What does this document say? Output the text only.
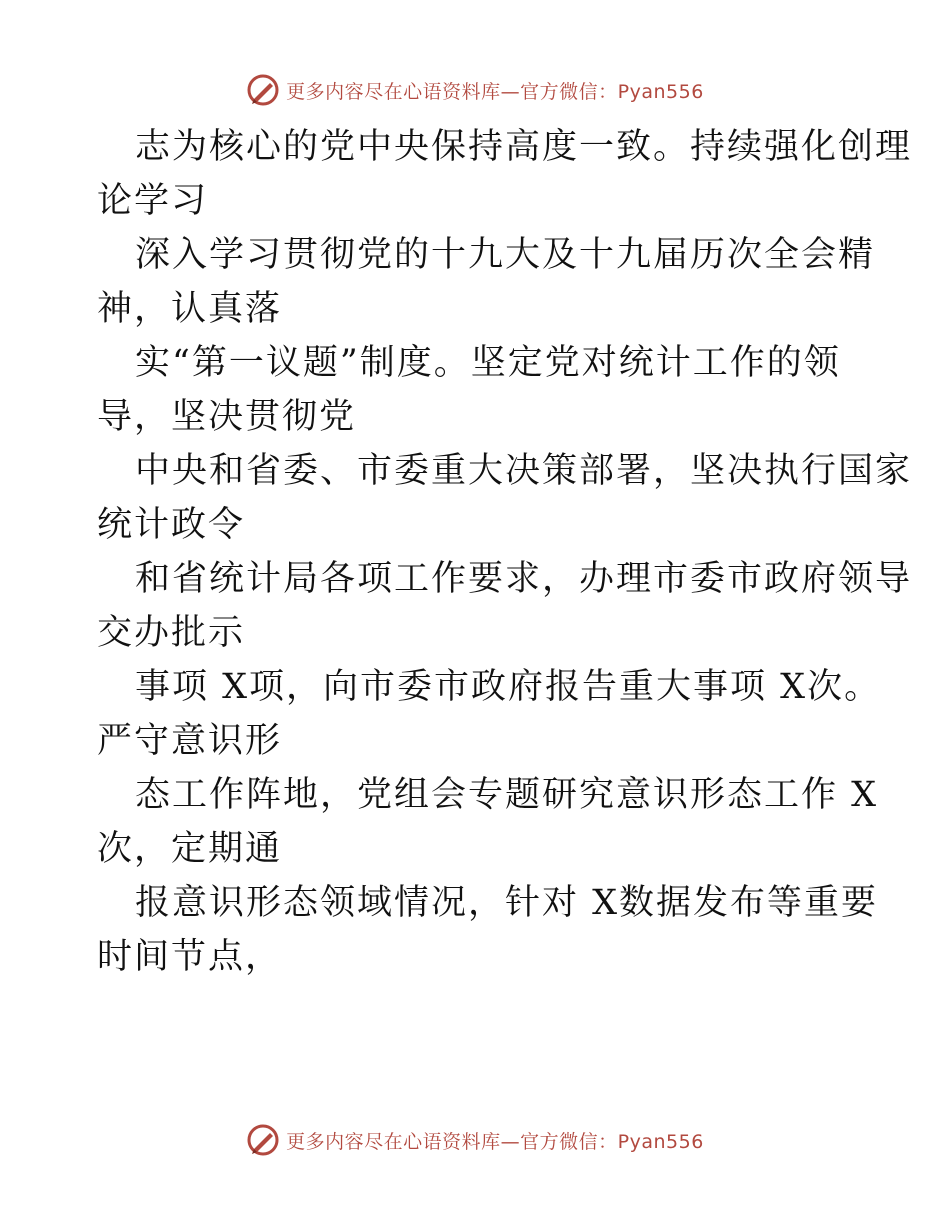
更多内容尽在心语资料库—官方微信：Pyan556
志为核心的党中央保持高度一致。持续强化创理
论学习
深入学习贯彻党的十九大及十九届历次全会精
神，认真落
实“第一议题”制度。坚定党对统计工作的领
导，坚决贯彻党
中央和省委、市委重大决策部署，坚决执行国家
统计政令
和省统计局各项工作要求，办理市委市政府领导
交办批示
事项 X项，向市委市政府报告重大事项 X次。
严守意识形
态工作阵地，党组会专题研究意识形态工作 X
次，定期通
报意识形态领域情况，针对 X数据发布等重要
时间节点，
更多内容尽在心语资料库—官方微信：Pyan556
